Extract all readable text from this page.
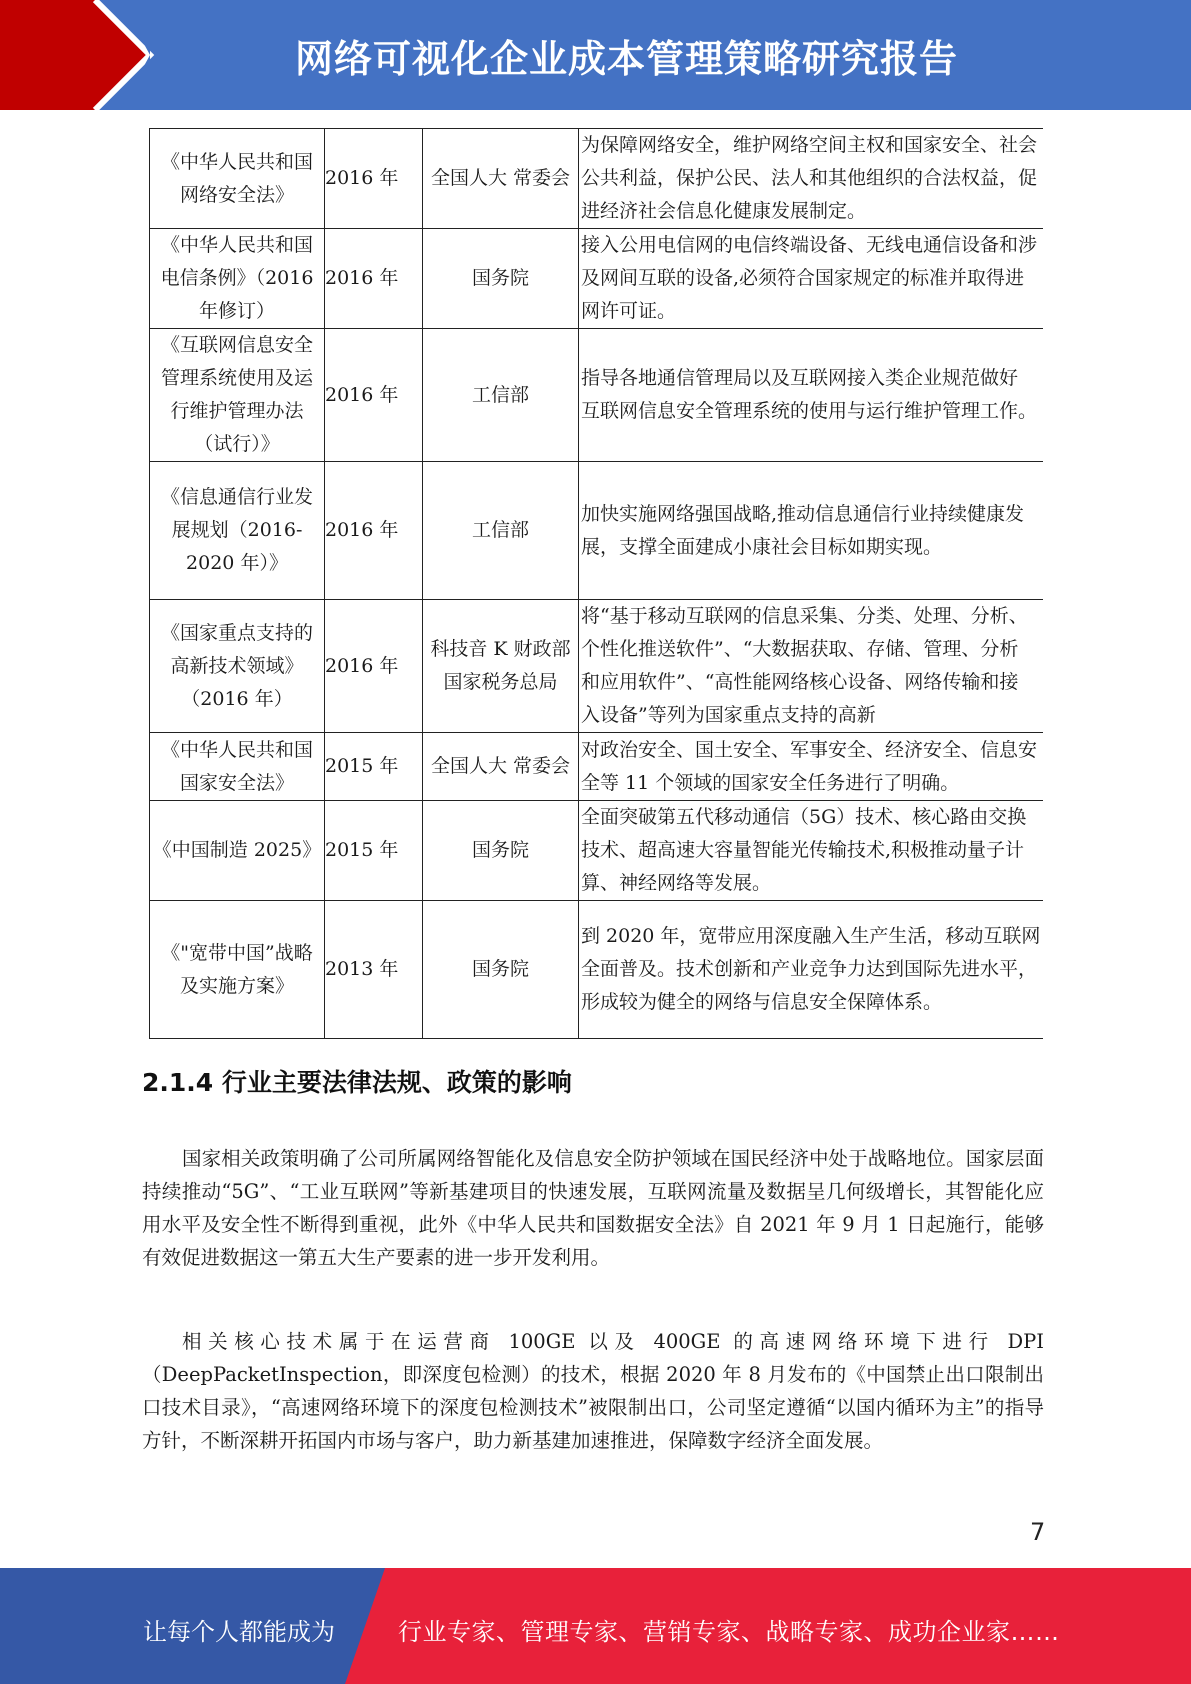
网络可视化企业成本管理策略研究报告
《中华人民共和国网络安全法》	2016 年	全国人大 常委会	为保障网络安全，维护网络空间主权和国家安全、社会 公共利益，保护公民、法人和其他组织的合法权益，促 进经济社会信息化健康发展制定。
《中华人民共和国电信条例》（2016 年修订）	2016 年	国务院	接入公用电信网的电信终端设备、无线电通信设备和涉 及网间互联的设备,必须符合国家规定的标准并取得进 网许可证。
《互联网信息安全管理系统使用及运行维护管理办法（试行）》	2016 年	工信部	指导各地通信管理局以及互联网接入类企业规范做好 互联网信息安全管理系统的使用与运行维护管理工作。
《信息通信行业发展规划（2016-2020 年）》	2016 年	工信部	加快实施网络强国战略,推动信息通信行业持续健康发 展，支撑全面建成小康社会目标如期实现。
《国家重点支持的高新技术领域》（2016 年）	2016 年	科技音 K 财政部国家税务总局	将“基于移动互联网的信息采集、分类、处理、分析、 个性化推送软件”、“大数据获取、存储、管理、分析 和应用软件”、“高性能网络核心设备、网络传输和接 入设备”等列为国家重点支持的高新
《中华人民共和国国家安全法》	2015 年	全国人大 常委会	对政治安全、国土安全、军事安全、经济安全、信息安 全等 11 个领域的国家安全任务进行了明确。
《中国制造 2025》	2015 年	国务院	全面突破第五代移动通信（5G）技术、核心路由交换 技术、超高速大容量智能光传输技术,积极推动量子计 算、神经网络等发展。
《"宽带中国”战略及实施方案》	2013 年	国务院	到 2020 年，宽带应用深度融入生产生活，移动互联网 全面普及。技术创新和产业竞争力达到国际先进水平， 形成较为健全的网络与信息安全保障体系。
2.1.4 行业主要法律法规、政策的影响

国家相关政策明确了公司所属网络智能化及信息安全防护领域在国民经济中处于战略地位。国家层面持续推动“5G”、“工业互联网”等新基建项目的快速发展，互联网流量及数据呈几何级增长，其智能化应用水平及安全性不断得到重视，此外《中华人民共和国数据安全法》自 2021 年 9 月 1 日起施行，能够有效促进数据这一第五大生产要素的进一步开发利用。

相关核心技术属于在运营商 100GE 以及 400GE 的高速网络环境下进行 DPI（DeepPacketInspection，即深度包检测）的技术，根据 2020 年 8 月发布的《中国禁止出口限制出口技术目录》，“高速网络环境下的深度包检测技术”被限制出口，公司坚定遵循“以国内循环为主”的指导方针，不断深耕开拓国内市场与客户，助力新基建加速推进，保障数字经济全面发展。

7
让每个人都能成为	行业专家、管理专家、营销专家、战略专家、成功企业家……
